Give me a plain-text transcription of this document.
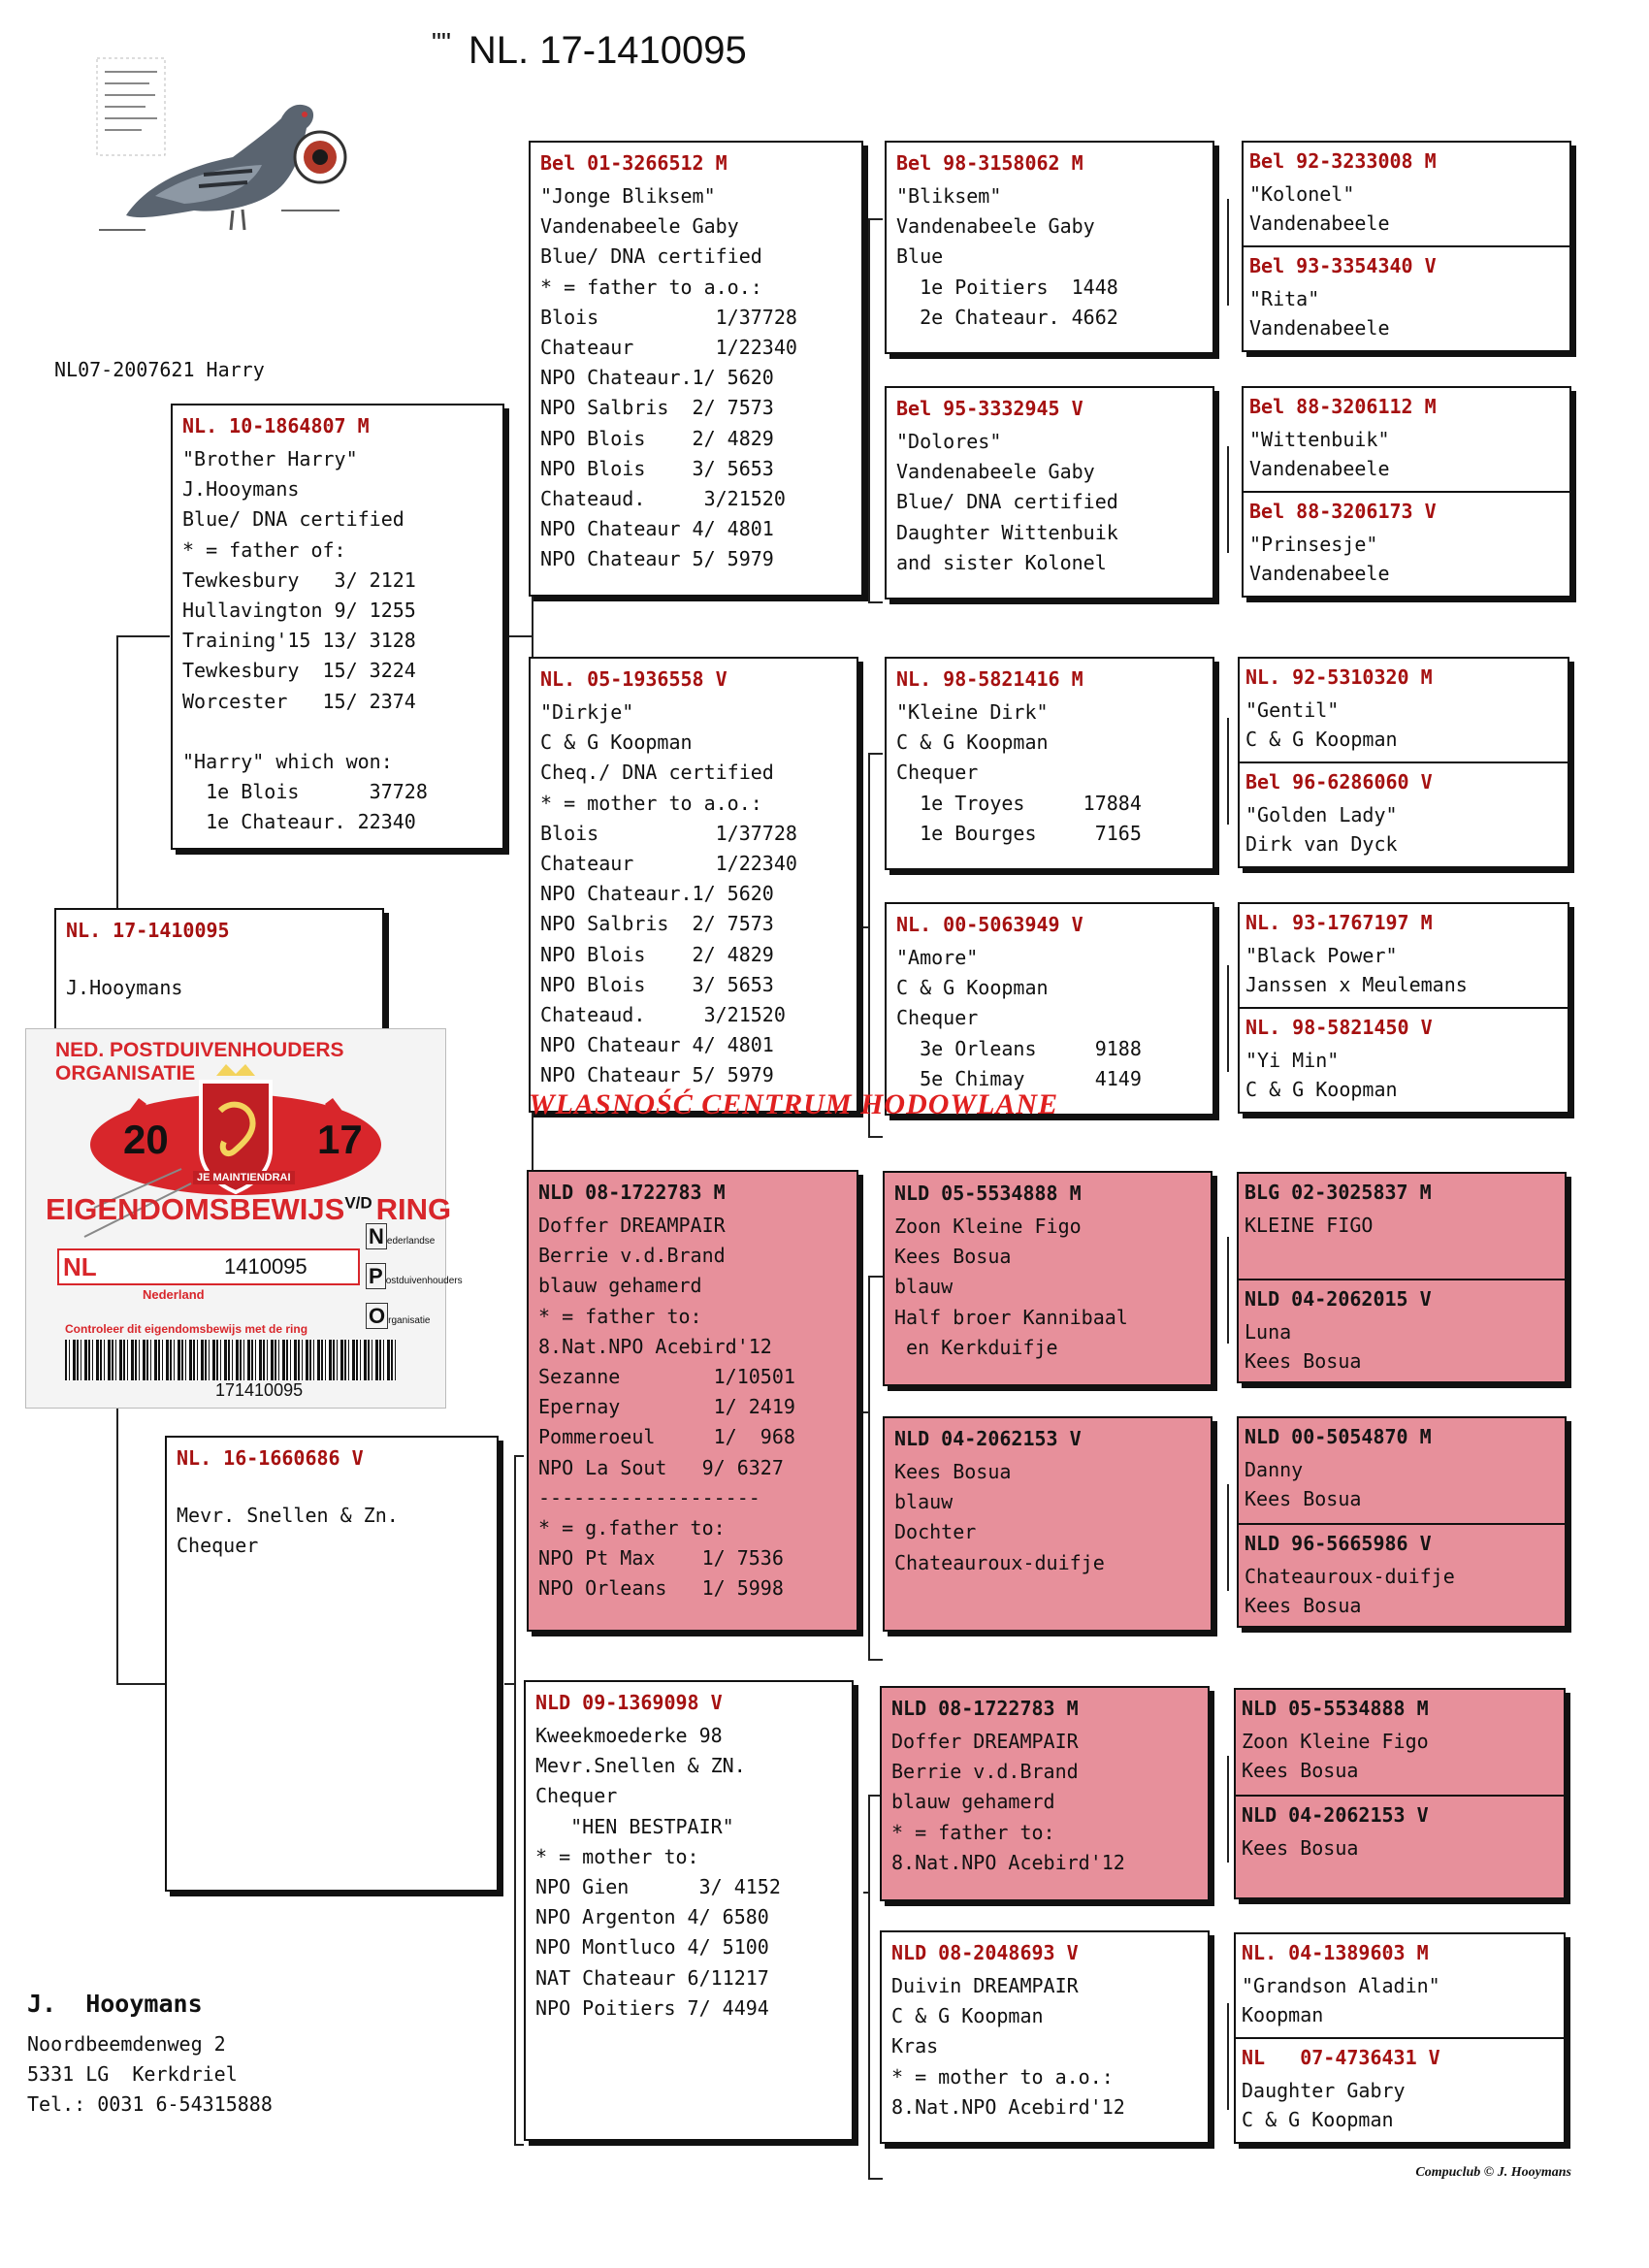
"" NL. 17-1410095
NL07-2007621 Harry
NL. 17-1410095
J.Hooymans
NL. 10-1864807 M
"Brother Harry"
J.Hooymans
Blue/ DNA certified
* = father of:
Tewkesbury   3/ 2121
Hullavington 9/ 1255
Training'15 13/ 3128
Tewkesbury  15/ 3224
Worcester   15/ 2374
"Harry" which won:
1e Blois      37728
1e Chateaur. 22340
NL. 16-1660686 V
Mevr. Snellen & Zn.
Chequer
Bel 01-3266512 M
"Jonge Bliksem"
Vandenabeele Gaby
Blue/ DNA certified
* = father to a.o.:
Blois          1/37728
Chateaur       1/22340
NPO Chateaur.1/ 5620
NPO Salbris  2/ 7573
NPO Blois    2/ 4829
NPO Blois    3/ 5653
Chateaud.     3/21520
NPO Chateaur 4/ 4801
NPO Chateaur 5/ 5979
NL. 05-1936558 V
"Dirkje"
C & G Koopman
Cheq./ DNA certified
* = mother to a.o.:
Blois          1/37728
Chateaur       1/22340
NPO Chateaur.1/ 5620
NPO Salbris  2/ 7573
NPO Blois    2/ 4829
NPO Blois    3/ 5653
Chateaud.     3/21520
NPO Chateaur 4/ 4801
NPO Chateaur 5/ 5979
NLD 08-1722783 M
Doffer DREAMPAIR
Berrie v.d.Brand
blauw gehamerd
* = father to:
8.Nat.NPO Acebird'12
Sezanne        1/10501
Epernay        1/ 2419
Pommeroeul     1/  968
NPO La Sout   9/ 6327
-------------------
* = g.father to:
NPO Pt Max    1/ 7536
NPO Orleans   1/ 5998
NLD 09-1369098 V
Kweekmoederke 98
Mevr.Snellen & ZN.
Chequer
"HEN BESTPAIR"
* = mother to:
NPO Gien      3/ 4152
NPO Argenton 4/ 6580
NPO Montluco 4/ 5100
NAT Chateaur 6/11217
NPO Poitiers 7/ 4494
Bel 98-3158062 M
"Bliksem"
Vandenabeele Gaby
Blue
1e Poitiers  1448
2e Chateaur. 4662
Bel 95-3332945 V
"Dolores"
Vandenabeele Gaby
Blue/ DNA certified
Daughter Wittenbuik
and sister Kolonel
NL. 98-5821416 M
"Kleine Dirk"
C & G Koopman
Chequer
1e Troyes     17884
1e Bourges     7165
NL. 00-5063949 V
"Amore"
C & G Koopman
Chequer
3e Orleans     9188
5e Chimay      4149
NLD 05-5534888 M
Zoon Kleine Figo
Kees Bosua
blauw
Half broer Kannibaal
en Kerkduifje
NLD 04-2062153 V
Kees Bosua
blauw
Dochter
Chateauroux-duifje
NLD 08-1722783 M
Doffer DREAMPAIR
Berrie v.d.Brand
blauw gehamerd
* = father to:
8.Nat.NPO Acebird'12
NLD 08-2048693 V
Duivin DREAMPAIR
C & G Koopman
Kras
* = mother to a.o.:
8.Nat.NPO Acebird'12
Bel 92-3233008 M
"Kolonel"
Vandenabeele
Bel 93-3354340 V
"Rita"
Vandenabeele
Bel 88-3206112 M
"Wittenbuik"
Vandenabeele
Bel 88-3206173 V
"Prinsesje"
Vandenabeele
NL. 92-5310320 M
"Gentil"
C & G Koopman
Bel 96-6286060 V
"Golden Lady"
Dirk van Dyck
NL. 93-1767197 M
"Black Power"
Janssen x Meulemans
NL. 98-5821450 V
"Yi Min"
C & G Koopman
BLG 02-3025837 M
KLEINE FIGO
NLD 04-2062015 V
Luna
Kees Bosua
NLD 00-5054870 M
Danny
Kees Bosua
NLD 96-5665986 V
Chateauroux-duifje
Kees Bosua
NLD 05-5534888 M
Zoon Kleine Figo
Kees Bosua
NLD 04-2062153 V
Kees Bosua
NL. 04-1389603 M
"Grandson Aladin"
Koopman
NL   07-4736431 V
Daughter Gabry
C & G Koopman
NED. POSTDUIVENHOUDERS ORGANISATIE
20	17
JE MAINTIENDRAI
$EIGENDOMSBEWIJS^{V/D}$ RING
NL	1410095
Nederland
N ederlandse
P ostduivenhouders
O rganisatie
Controleer dit eigendomsbewijs met de ring
171410095
WLASNOŚĆ CENTRUM HODOWLANE
J.  Hooymans
Noordbeemdenweg 2
5331 LG  Kerkdriel
Tel.: 0031 6-54315888
Compuclub © J. Hooymans
